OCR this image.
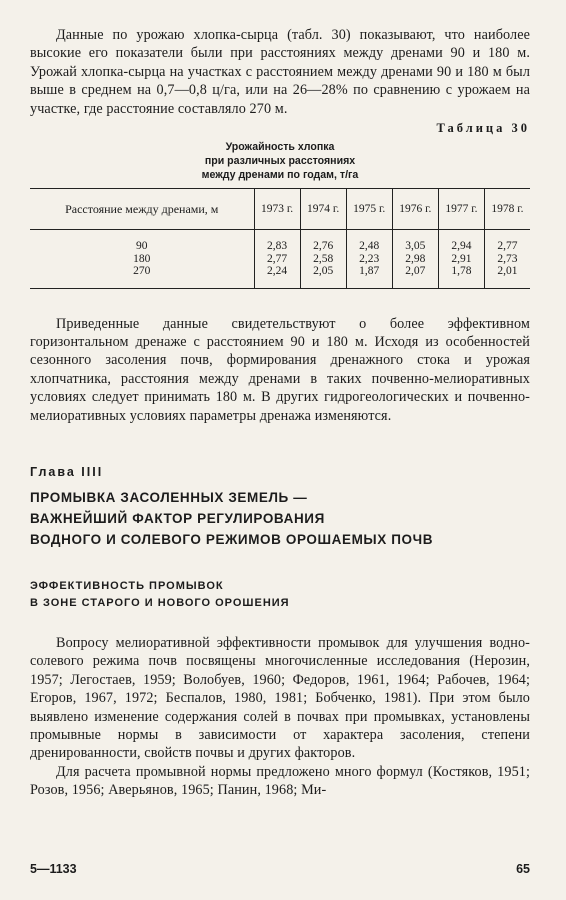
Данные по урожаю хлопка-сырца (табл. 30) показывают, что наиболее высокие его показатели были при расстояниях между дренами 90 и 180 м. Урожай хлопка-сырца на участках с расстоянием между дренами 90 и 180 м был выше в среднем на 0,7—0,8 ц/га, или на 26—28% по сравнению с урожаем на участке, где расстояние составляло 270 м.

Таблица 30
Урожайность хлопка
при различных расстояниях
между дренами по годам, т/га
Расстояние между дренами, м	1973 г.	1974 г.	1975 г.	1976 г.	1977 г.	1978 г.

90	2,83	2,76	2,48	3,05	2,94	2,77
180	2,77	2,58	2,23	2,98	2,91	2,73
270	2,24	2,05	1,87	2,07	1,78	2,01

Приведенные данные свидетельствуют о более эффективном горизонтальном дренаже с расстоянием 90 и 180 м. Исходя из особенностей сезонного засоления почв, формирования дренажного стока и урожая хлопчатника, расстояния между дренами в таких почвенно-мелиоративных условиях следует принимать 180 м. В других гидрогеологических и почвенно-мелиоративных условиях параметры дренажа изменяются.

Глава IIII
ПРОМЫВКА ЗАСОЛЕННЫХ ЗЕМЕЛЬ —
ВАЖНЕЙШИЙ ФАКТОР РЕГУЛИРОВАНИЯ
ВОДНОГО И СОЛЕВОГО РЕЖИМОВ ОРОШАЕМЫХ ПОЧВ
ЭФФЕКТИВНОСТЬ ПРОМЫВОК
В ЗОНЕ СТАРОГО И НОВОГО ОРОШЕНИЯ

Вопросу мелиоративной эффективности промывок для улучшения водно-солевого режима почв посвящены многочисленные исследования (Нерозин, 1957; Легостаев, 1959; Волобуев, 1960; Федоров, 1961, 1964; Рабочев, 1964; Егоров, 1967, 1972; Беспалов, 1980, 1981; Бобченко, 1981). При этом было выявлено изменение содержания солей в почвах при промывках, установлены промывные нормы в зависимости от характера засоления, степени дренированности, свойств почвы и других факторов.

Для расчета промывной нормы предложено много формул (Костяков, 1951; Розов, 1956; Аверьянов, 1965; Панин, 1968; Ми-

5—1133	65
